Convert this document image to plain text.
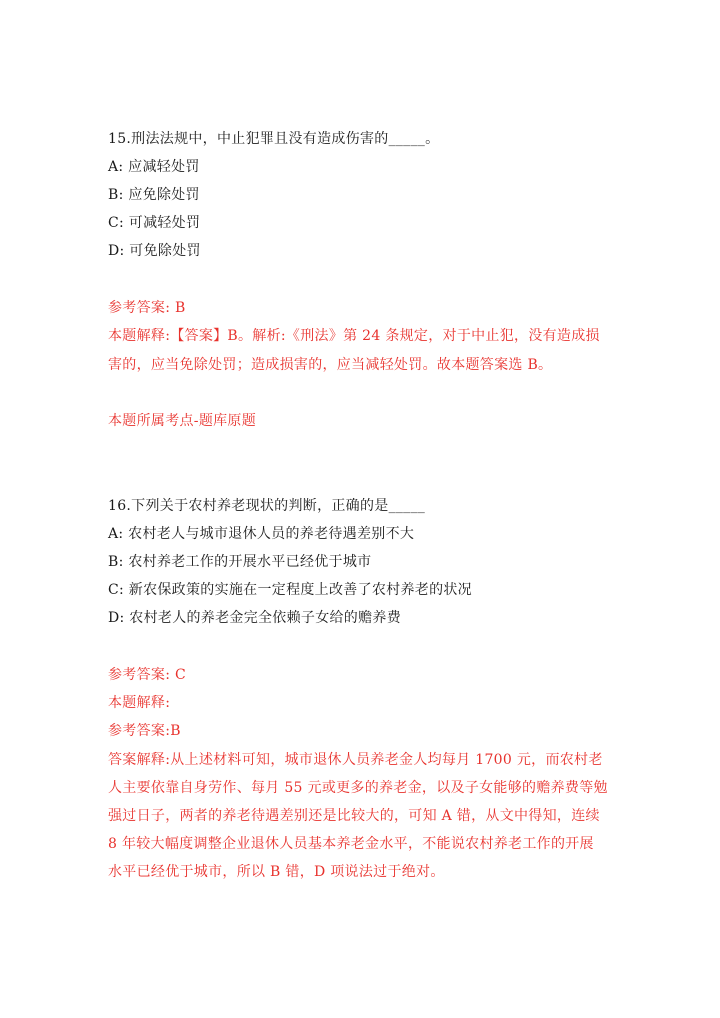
15.刑法法规中，中止犯罪且没有造成伤害的_____。
A: 应减轻处罚
B: 应免除处罚
C: 可减轻处罚
D: 可免除处罚
参考答案: B
本题解释:【答案】B。解析:《刑法》第 24 条规定，对于中止犯，没有造成损
害的，应当免除处罚；造成损害的，应当减轻处罚。故本题答案选 B。
本题所属考点-题库原题
16.下列关于农村养老现状的判断，正确的是_____
A: 农村老人与城市退休人员的养老待遇差别不大
B: 农村养老工作的开展水平已经优于城市
C: 新农保政策的实施在一定程度上改善了农村养老的状况
D: 农村老人的养老金完全依赖子女给的赡养费
参考答案: C
本题解释:
参考答案:B
答案解释:从上述材料可知，城市退休人员养老金人均每月 1700 元，而农村老
人主要依靠自身劳作、每月 55 元或更多的养老金，以及子女能够的赡养费等勉
强过日子，两者的养老待遇差别还是比较大的，可知 A 错，从文中得知，连续
8 年较大幅度调整企业退休人员基本养老金水平，不能说农村养老工作的开展
水平已经优于城市，所以 B 错，D 项说法过于绝对。
